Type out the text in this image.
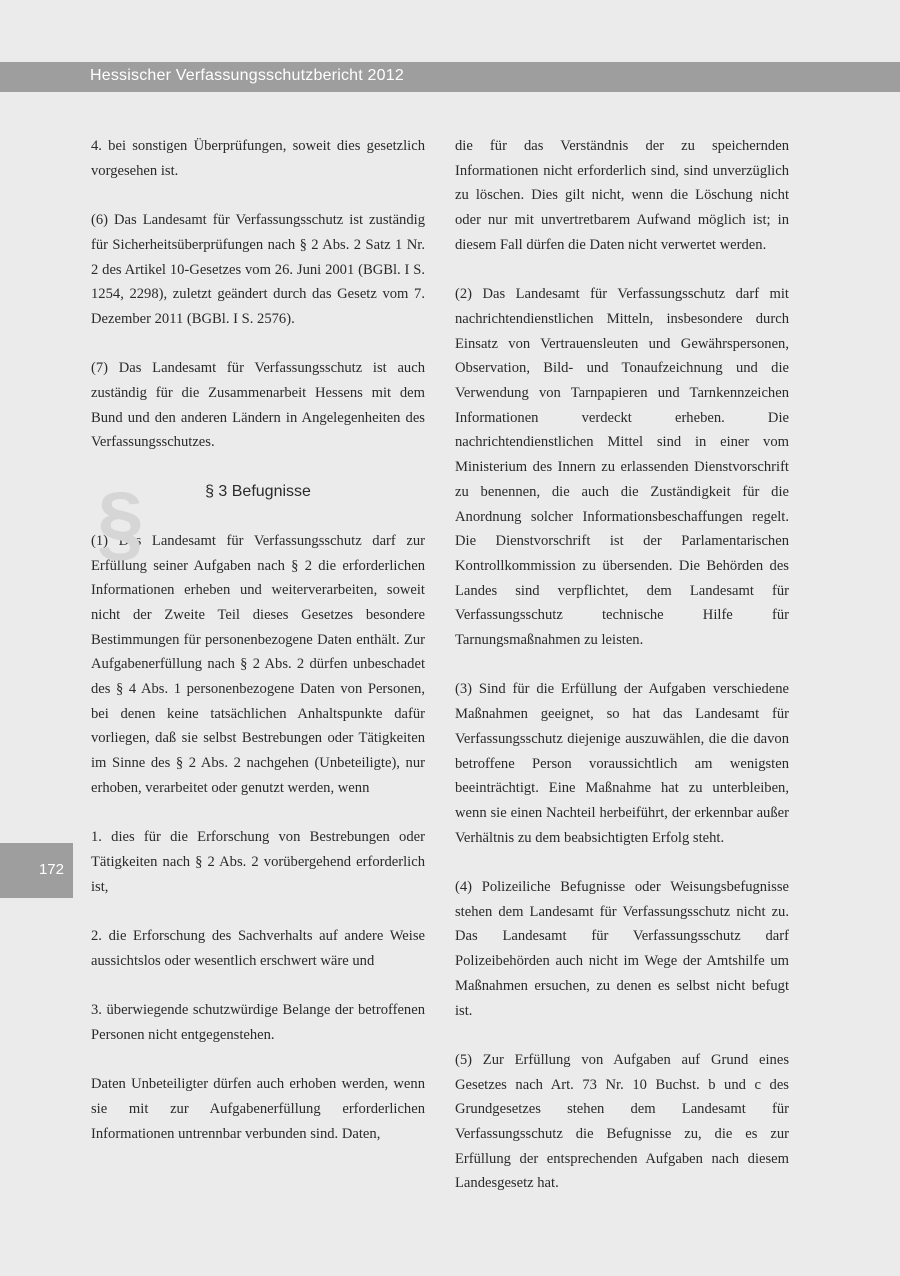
Hessischer Verfassungsschutzbericht 2012
172

4. bei sonstigen Überprüfungen, soweit dies gesetzlich vorgesehen ist.

(6) Das Landesamt für Verfassungsschutz ist zuständig für Sicherheitsüberprüfungen nach § 2 Abs. 2 Satz 1 Nr. 2 des Artikel 10-Gesetzes vom 26. Juni 2001 (BGBl. I S. 1254, 2298), zuletzt geändert durch das Gesetz vom 7. Dezember 2011 (BGBl. I S. 2576).

(7) Das Landesamt für Verfassungsschutz ist auch zuständig für die Zusammenarbeit Hessens mit dem Bund und den anderen Ländern in Angelegenheiten des Verfassungsschutzes.

§	§ 3 Befugnisse

(1) Das Landesamt für Verfassungsschutz darf zur Erfüllung seiner Aufgaben nach § 2 die erforderlichen Informationen erheben und weiterverarbeiten, soweit nicht der Zweite Teil dieses Gesetzes besondere Bestimmungen für personenbezogene Daten enthält. Zur Aufgabenerfüllung nach § 2 Abs. 2 dürfen unbeschadet des § 4 Abs. 1 personenbezogene Daten von Personen, bei denen keine tatsächlichen Anhaltspunkte dafür vorliegen, daß sie selbst Bestrebungen oder Tätigkeiten im Sinne des § 2 Abs. 2 nachgehen (Unbeteiligte), nur erhoben, verarbeitet oder genutzt werden, wenn

1. dies für die Erforschung von Bestrebungen oder Tätigkeiten nach § 2 Abs. 2 vorübergehend erforderlich ist,

2. die Erforschung des Sachverhalts auf andere Weise aussichtslos oder wesentlich erschwert wäre und

3. überwiegende schutzwürdige Belange der betroffenen Personen nicht entgegenstehen.

Daten Unbeteiligter dürfen auch erhoben werden, wenn sie mit zur Aufgabenerfüllung erforderlichen Informationen untrennbar verbunden sind. Daten,

die für das Verständnis der zu speichernden Informationen nicht erforderlich sind, sind unverzüglich zu löschen. Dies gilt nicht, wenn die Löschung nicht oder nur mit unvertretbarem Aufwand möglich ist; in diesem Fall dürfen die Daten nicht verwertet werden.

(2) Das Landesamt für Verfassungsschutz darf mit nachrichtendienstlichen Mitteln, insbesondere durch Einsatz von Vertrauensleuten und Gewährspersonen, Observation, Bild- und Tonaufzeichnung und die Verwendung von Tarnpapieren und Tarnkennzeichen Informationen verdeckt erheben. Die nachrichtendienstlichen Mittel sind in einer vom Ministerium des Innern zu erlassenden Dienstvorschrift zu benennen, die auch die Zuständigkeit für die Anordnung solcher Informationsbeschaffungen regelt. Die Dienstvorschrift ist der Parlamentarischen Kontrollkommission zu übersenden. Die Behörden des Landes sind verpflichtet, dem Landesamt für Verfassungsschutz technische Hilfe für Tarnungsmaßnahmen zu leisten.

(3) Sind für die Erfüllung der Aufgaben verschiedene Maßnahmen geeignet, so hat das Landesamt für Verfassungsschutz diejenige auszuwählen, die die davon betroffene Person voraussichtlich am wenigsten beeinträchtigt. Eine Maßnahme hat zu unterbleiben, wenn sie einen Nachteil herbeiführt, der erkennbar außer Verhältnis zu dem beabsichtigten Erfolg steht.

(4) Polizeiliche Befugnisse oder Weisungsbefugnisse stehen dem Landesamt für Verfassungsschutz nicht zu. Das Landesamt für Verfassungsschutz darf Polizeibehörden auch nicht im Wege der Amtshilfe um Maßnahmen ersuchen, zu denen es selbst nicht befugt ist.

(5) Zur Erfüllung von Aufgaben auf Grund eines Gesetzes nach Art. 73 Nr. 10 Buchst. b und c des Grundgesetzes stehen dem Landesamt für Verfassungsschutz die Befugnisse zu, die es zur Erfüllung der entsprechenden Aufgaben nach diesem Landesgesetz hat.
